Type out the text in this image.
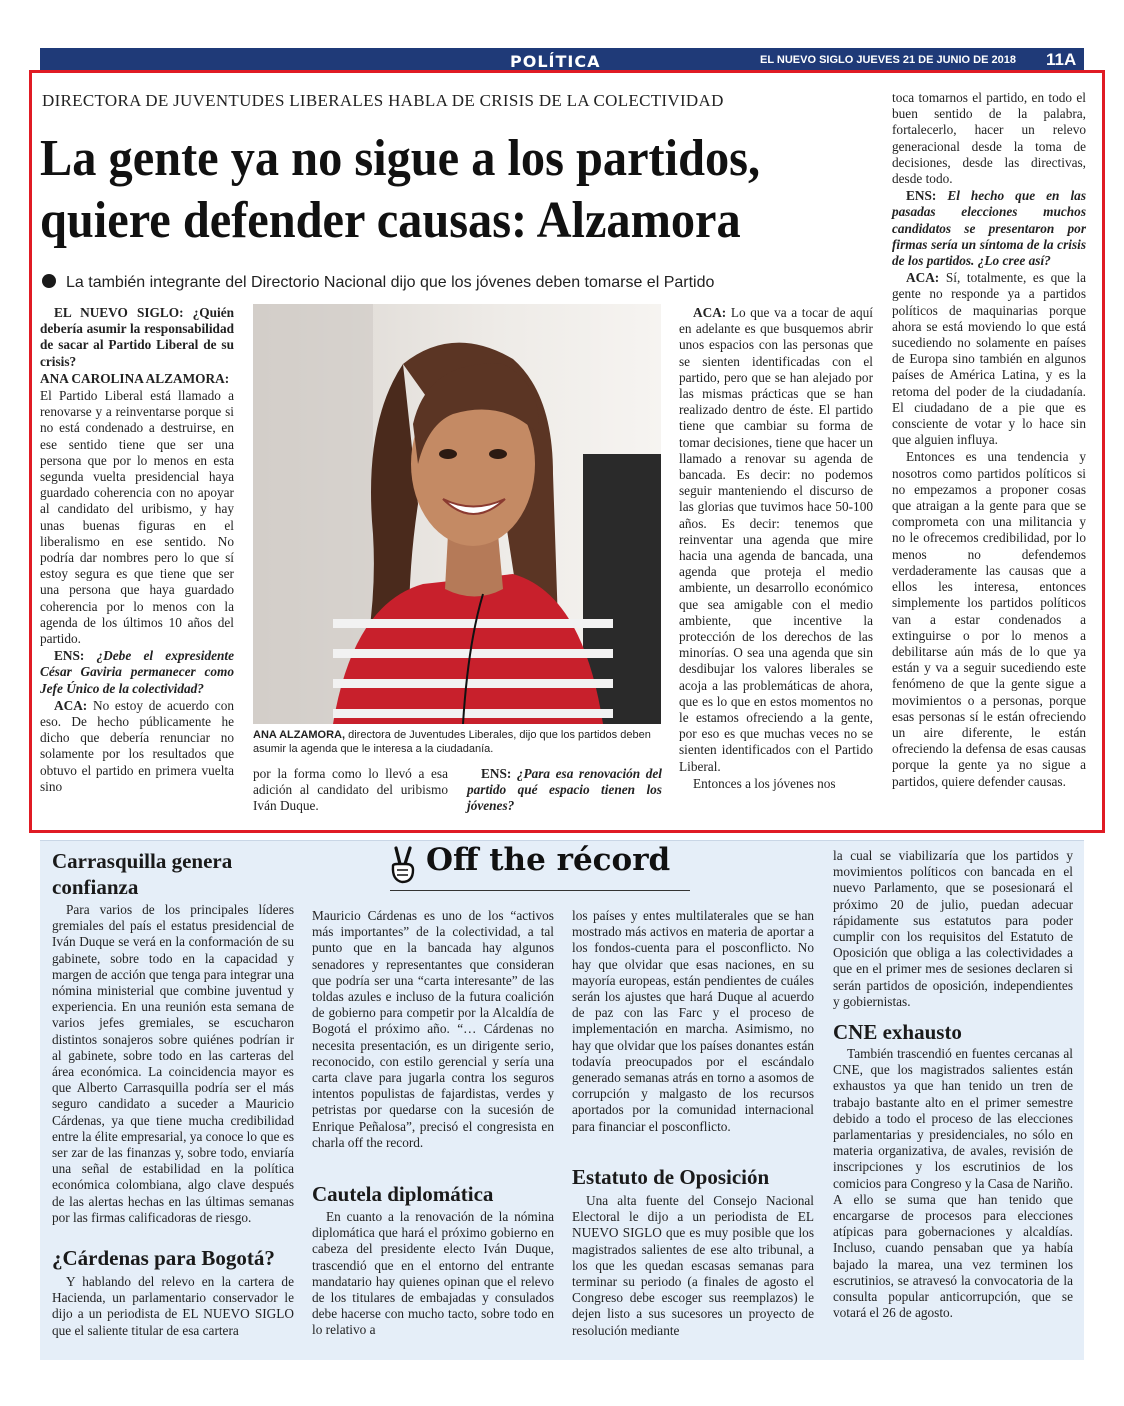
POLÍTICA	EL NUEVO SIGLO JUEVES 21 DE JUNIO DE 2018 11A
DIRECTORA DE JUVENTUDES LIBERALES HABLA DE CRISIS DE LA COLECTIVIDAD
La gente ya no sigue a los partidos,
quiere defender causas: Alzamora
La también integrante del Directorio Nacional dijo que los jóvenes deben tomarse el Partido

EL NUEVO SIGLO: ¿Quién debería asumir la responsabilidad de sacar al Partido Liberal de su crisis?

ANA CAROLINA ALZAMORA:

El Partido Liberal está llamado a renovarse y a reinventarse porque si no está condenado a destruirse, en ese sentido tiene que ser una persona que por lo menos en esta segunda vuelta presidencial haya guardado coherencia con no apoyar al candidato del uribismo, y hay unas buenas figuras en el liberalismo en ese sentido. No podría dar nombres pero lo que sí estoy segura es que tiene que ser una persona que haya guardado coherencia por lo menos con la agenda de los últimos 10 años del partido.

ENS: ¿Debe el expresidente César Gaviria permanecer como Jefe Único de la colectividad?

ACA: No estoy de acuerdo con eso. De hecho públicamente he dicho que debería renunciar no solamente por los resultados que obtuvo el partido en primera vuelta sino

ANA ALZAMORA, directora de Juventudes Liberales, dijo que los partidos deben asumir la agenda que le interesa a la ciudadanía.

por la forma como lo llevó a esa adición al candidato del uribismo Iván Duque.

ENS: ¿Para esa renovación del partido qué espacio tienen los jóvenes?

ACA: Lo que va a tocar de aquí en adelante es que busquemos abrir unos espacios con las personas que se sienten identificadas con el partido, pero que se han alejado por las mismas prácticas que se han realizado dentro de éste. El partido tiene que cambiar su forma de tomar decisiones, tiene que hacer un llamado a renovar su agenda de bancada. Es decir: no podemos seguir manteniendo el discurso de las glorias que tuvimos hace 50-100 años. Es decir: tenemos que reinventar una agenda que mire hacia una agenda de bancada, una agenda que proteja el medio ambiente, un desarrollo económico que sea amigable con el medio ambiente, que incentive la protección de los derechos de las minorías. O sea una agenda que sin desdibujar los valores liberales se acoja a las problemáticas de ahora, que es lo que en estos momentos no le estamos ofreciendo a la gente, por eso es que muchas veces no se sienten identificados con el Partido Liberal.

Entonces a los jóvenes nos

toca tomarnos el partido, en todo el buen sentido de la palabra, fortalecerlo, hacer un relevo generacional desde la toma de decisiones, desde las directivas, desde todo.

ENS: El hecho que en las pasadas elecciones muchos candidatos se presentaron por firmas sería un síntoma de la crisis de los partidos. ¿Lo cree así?

ACA: Sí, totalmente, es que la gente no responde ya a partidos políticos de maquinarias porque ahora se está moviendo lo que está sucediendo no solamente en países de Europa sino también en algunos países de América Latina, y es la retoma del poder de la ciudadanía. El ciudadano de a pie que es consciente de votar y lo hace sin que alguien influya.

Entonces es una tendencia y nosotros como partidos políticos si no empezamos a proponer cosas que atraigan a la gente para que se comprometa con una militancia y no le ofrecemos credibilidad, por lo menos no defendemos verdaderamente las causas que a ellos les interesa, entonces simplemente los partidos políticos van a estar condenados a extinguirse o por lo menos a debilitarse aún más de lo que ya están y va a seguir sucediendo este fenómeno de que la gente sigue a movimientos o a personas, porque esas personas sí le están ofreciendo un aire diferente, le están ofreciendo la defensa de esas causas porque la gente ya no sigue a partidos, quiere defender causas.

Off the récord
Carrasquilla genera confianza

Para varios de los principales líderes gremiales del país el estatus presidencial de Iván Duque se verá en la conformación de su gabinete, sobre todo en la capacidad y margen de acción que tenga para integrar una nómina ministerial que combine juventud y experiencia. En una reunión esta semana de varios jefes gremiales, se escucharon distintos sonajeros sobre quiénes podrían ir al gabinete, sobre todo en las carteras del área económica. La coincidencia mayor es que Alberto Carrasquilla podría ser el más seguro candidato a suceder a Mauricio Cárdenas, ya que tiene mucha credibilidad entre la élite empresarial, ya conoce lo que es ser zar de las finanzas y, sobre todo, enviaría una señal de estabilidad en la política económica colombiana, algo clave después de las alertas hechas en las últimas semanas por las firmas calificadoras de riesgo.

¿Cárdenas para Bogotá?

Y hablando del relevo en la cartera de Hacienda, un parlamentario conservador le dijo a un periodista de EL NUEVO SIGLO que el saliente titular de esa cartera

Mauricio Cárdenas es uno de los “activos más importantes” de la colectividad, a tal punto que en la bancada hay algunos senadores y representantes que consideran que podría ser una “carta interesante” de las toldas azules e incluso de la futura coalición de gobierno para competir por la Alcaldía de Bogotá el próximo año. “… Cárdenas no necesita presentación, es un dirigente serio, reconocido, con estilo gerencial y sería una carta clave para jugarla contra los seguros intentos populistas de fajardistas, verdes y petristas por quedarse con la sucesión de Enrique Peñalosa”, precisó el congresista en charla off the record.

Cautela diplomática

En cuanto a la renovación de la nómina diplomática que hará el próximo gobierno en cabeza del presidente electo Iván Duque, trascendió que en el entorno del entrante mandatario hay quienes opinan que el relevo de los titulares de embajadas y consulados debe hacerse con mucho tacto, sobre todo en lo relativo a

los países y entes multilaterales que se han mostrado más activos en materia de aportar a los fondos-cuenta para el posconflicto. No hay que olvidar que esas naciones, en su mayoría europeas, están pendientes de cuáles serán los ajustes que hará Duque al acuerdo de paz con las Farc y el proceso de implementación en marcha. Asimismo, no hay que olvidar que los países donantes están todavía preocupados por el escándalo generado semanas atrás en torno a asomos de corrupción y malgasto de los recursos aportados por la comunidad internacional para financiar el posconflicto.

Estatuto de Oposición

Una alta fuente del Consejo Nacional Electoral le dijo a un periodista de EL NUEVO SIGLO que es muy posible que los magistrados salientes de ese alto tribunal, a los que les quedan escasas semanas para terminar su periodo (a finales de agosto el Congreso debe escoger sus reemplazos) le dejen listo a sus sucesores un proyecto de resolución mediante

la cual se viabilizaría que los partidos y movimientos políticos con bancada en el nuevo Parlamento, que se posesionará el próximo 20 de julio, puedan adecuar rápidamente sus estatutos para poder cumplir con los requisitos del Estatuto de Oposición que obliga a las colectividades a que en el primer mes de sesiones declaren si serán partidos de oposición, independientes y gobiernistas.

CNE exhausto

También trascendió en fuentes cercanas al CNE, que los magistrados salientes están exhaustos ya que han tenido un tren de trabajo bastante alto en el primer semestre debido a todo el proceso de las elecciones parlamentarias y presidenciales, no sólo en materia organizativa, de avales, revisión de inscripciones y los escrutinios de los comicios para Congreso y la Casa de Nariño. A ello se suma que han tenido que encargarse de procesos para elecciones atípicas para gobernaciones y alcaldías. Incluso, cuando pensaban que ya había bajado la marea, una vez terminen los escrutinios, se atravesó la convocatoria de la consulta popular anticorrupción, que se votará el 26 de agosto.
